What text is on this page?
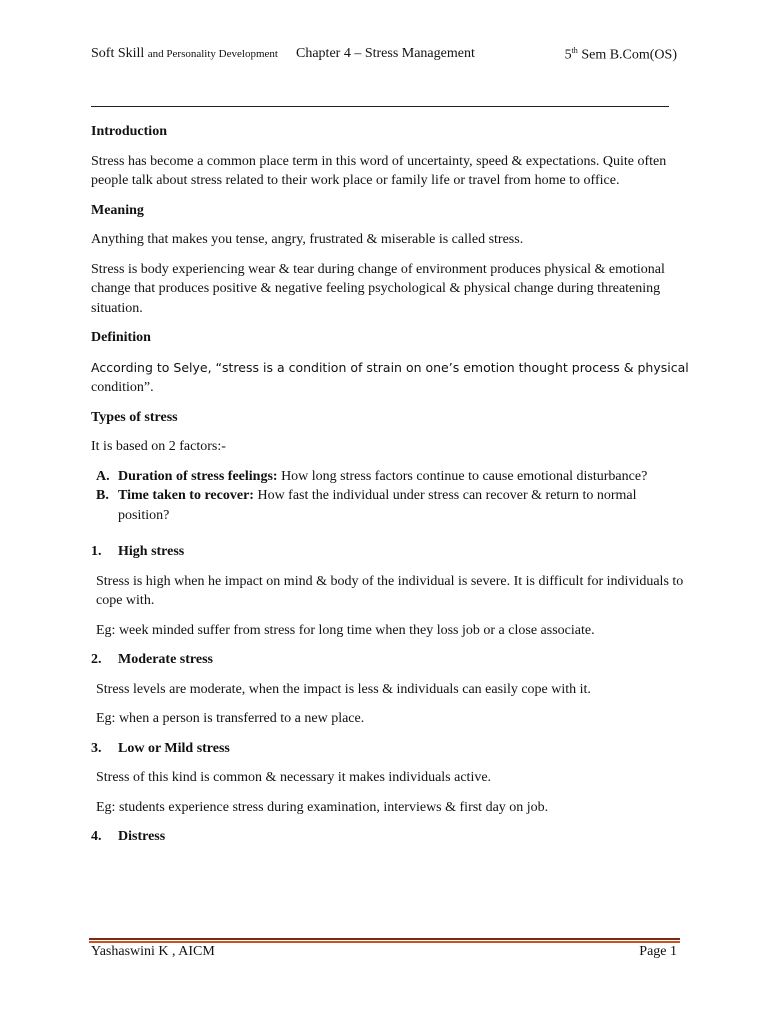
Soft Skill and Personality Development Chapter 4 – Stress Management	5th Sem B.Com(OS)
Introduction

Stress has become a common place term in this word of uncertainty, speed & expectations. Quite often people talk about stress related to their work place or family life or travel from home to office.

Meaning

Anything that makes you tense, angry, frustrated & miserable is called stress.

Stress is body experiencing wear & tear during change of environment produces physical & emotional change that produces positive & negative feeling psychological & physical change during threatening situation.

Definition

According to Selye, “stress is a condition of strain on one’s emotion thought process & physical condition”.

Types of stress

It is based on 2 factors:-

A. Duration of stress feelings: How long stress factors continue to cause emotional disturbance?
B. Time taken to recover: How fast the individual under stress can recover & return to normal position?
1. High stress

Stress is high when he impact on mind & body of the individual is severe. It is difficult for individuals to cope with.

Eg: week minded suffer from stress for long time when they loss job or a close associate.

2. Moderate stress

Stress levels are moderate, when the impact is less & individuals can easily cope with it.

Eg: when a person is transferred to a new place.

3. Low or Mild stress

Stress of this kind is common & necessary it makes individuals active.

Eg: students experience stress during examination, interviews & first day on job.

4. Distress
Yashaswini K , AICM	Page 1
